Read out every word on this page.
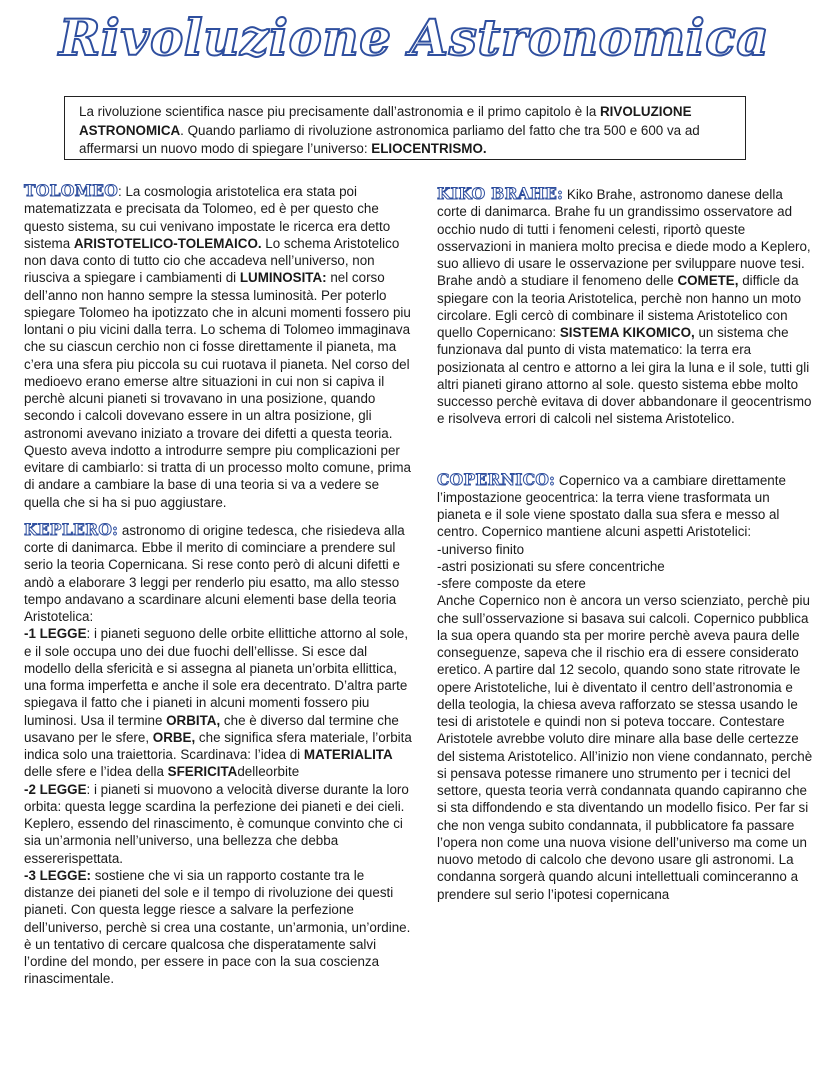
Rivoluzione Astronomica
La rivoluzione scientifica nasce piu precisamente dall’astronomia e il primo capitolo è la RIVOLUZIONE ASTRONOMICA. Quando parliamo di rivoluzione astronomica parliamo del fatto che tra 500 e 600 va ad affermarsi un nuovo modo di spiegare l’universo: ELIOCENTRISMO.

TOLOMEO: La cosmologia aristotelica era stata poi matematizzata e precisata da Tolomeo, ed è per questo che questo sistema, su cui venivano impostate le ricerca era detto sistema ARISTOTELICO-TOLEMAICO. Lo schema Aristotelico non dava conto di tutto cio che accadeva nell’universo, non riusciva a spiegare i cambiamenti di LUMINOSITA: nel corso dell’anno non hanno sempre la stessa luminosità. Per poterlo spiegare Tolomeo ha ipotizzato che in alcuni momenti fossero piu lontani o piu vicini dalla terra. Lo schema di Tolomeo immaginava che su ciascun cerchio non ci fosse direttamente il pianeta, ma c’era una sfera piu piccola su cui ruotava il pianeta. Nel corso del medioevo erano emerse altre situazioni in cui non si capiva il perchè alcuni pianeti si trovavano in una posizione, quando secondo i calcoli dovevano essere in un altra posizione, gli astronomi avevano iniziato a trovare dei difetti a questa teoria. Questo aveva indotto a introdurre sempre piu complicazioni per evitare di cambiarlo: si tratta di un processo molto comune, prima di andare a cambiare la base di una teoria si va a vedere se quella che si ha si puo aggiustare.

KEPLERO: astronomo di origine tedesca, che risiedeva alla corte di danimarca. Ebbe il merito di cominciare a prendere sul serio la teoria Copernicana. Si rese conto però di alcuni difetti e andò a elaborare 3 leggi per renderlo piu esatto, ma allo stesso tempo andavano a scardinare alcuni elementi base della teoria Aristotelica:
-1 LEGGE: i pianeti seguono delle orbite ellittiche attorno al sole, e il sole occupa uno dei due fuochi dell’ellisse. Si esce dal modello della sfericità e si assegna al pianeta un’orbita ellittica, una forma imperfetta e anche il sole era decentrato. D’altra parte spiegava il fatto che i pianeti in alcuni momenti fossero piu luminosi. Usa il termine ORBITA, che è diverso dal termine che usavano per le sfere, ORBE, che significa sfera materiale, l’orbita indica solo una traiettoria. Scardinava: l’idea di MATERIALITA delle sfere e l’idea della SFERICITAdelleorbite
-2 LEGGE: i pianeti si muovono a velocità diverse durante la loro orbita: questa legge scardina la perfezione dei pianeti e dei cieli. Keplero, essendo del rinascimento, è comunque convinto che ci sia un’armonia nell’universo, una bellezza che debba essererispettata.
-3 LEGGE: sostiene che vi sia un rapporto costante tra le distanze dei pianeti del sole e il tempo di rivoluzione dei questi pianeti. Con questa legge riesce a salvare la perfezione dell’universo, perchè si crea una costante, un’armonia, un’ordine. è un tentativo di cercare qualcosa che disperatamente salvi l’ordine del mondo, per essere in pace con la sua coscienza rinascimentale.

KIKO BRAHE: Kiko Brahe, astronomo danese della corte di danimarca. Brahe fu un grandissimo osservatore ad occhio nudo di tutti i fenomeni celesti, riportò queste osservazioni in maniera molto precisa e diede modo a Keplero, suo allievo di usare le osservazione per sviluppare nuove tesi. Brahe andò a studiare il fenomeno delle COMETE, difficle da spiegare con la teoria Aristotelica, perchè non hanno un moto circolare. Egli cercò di combinare il sistema Aristotelico con quello Copernicano: SISTEMA KIKOMICO, un sistema che funzionava dal punto di vista matematico: la terra era posizionata al centro e attorno a lei gira la luna e il sole, tutti gli altri pianeti girano attorno al sole. questo sistema ebbe molto successo perchè evitava di dover abbandonare il geocentrismo e risolveva errori di calcoli nel sistema Aristotelico.

COPERNICO: Copernico va a cambiare direttamente l’impostazione geocentrica: la terra viene trasformata un pianeta e il sole viene spostato dalla sua sfera e messo al centro. Copernico mantiene alcuni aspetti Aristotelici:
-universo finito
-astri posizionati su sfere concentriche
-sfere composte da etere
Anche Copernico non è ancora un verso scienziato, perchè piu che sull’osservazione si basava sui calcoli. Copernico pubblica la sua opera quando sta per morire perchè aveva paura delle conseguenze, sapeva che il rischio era di essere considerato eretico. A partire dal 12 secolo, quando sono state ritrovate le opere Aristoteliche, lui è diventato il centro dell’astronomia e della teologia, la chiesa aveva rafforzato se stessa usando le tesi di aristotele e quindi non si poteva toccare. Contestare Aristotele avrebbe voluto dire minare alla base delle certezze del sistema Aristotelico. All’inizio non viene condannato, perchè si pensava potesse rimanere uno strumento per i tecnici del settore, questa teoria verrà condannata quando capiranno che si sta diffondendo e sta diventando un modello fisico. Per far si che non venga subito condannata, il pubblicatore fa passare l’opera non come una nuova visione dell’universo ma come un nuovo metodo di calcolo che devono usare gli astronomi. La condanna sorgerà quando alcuni intellettuali cominceranno a prendere sul serio l’ipotesi copernicana
